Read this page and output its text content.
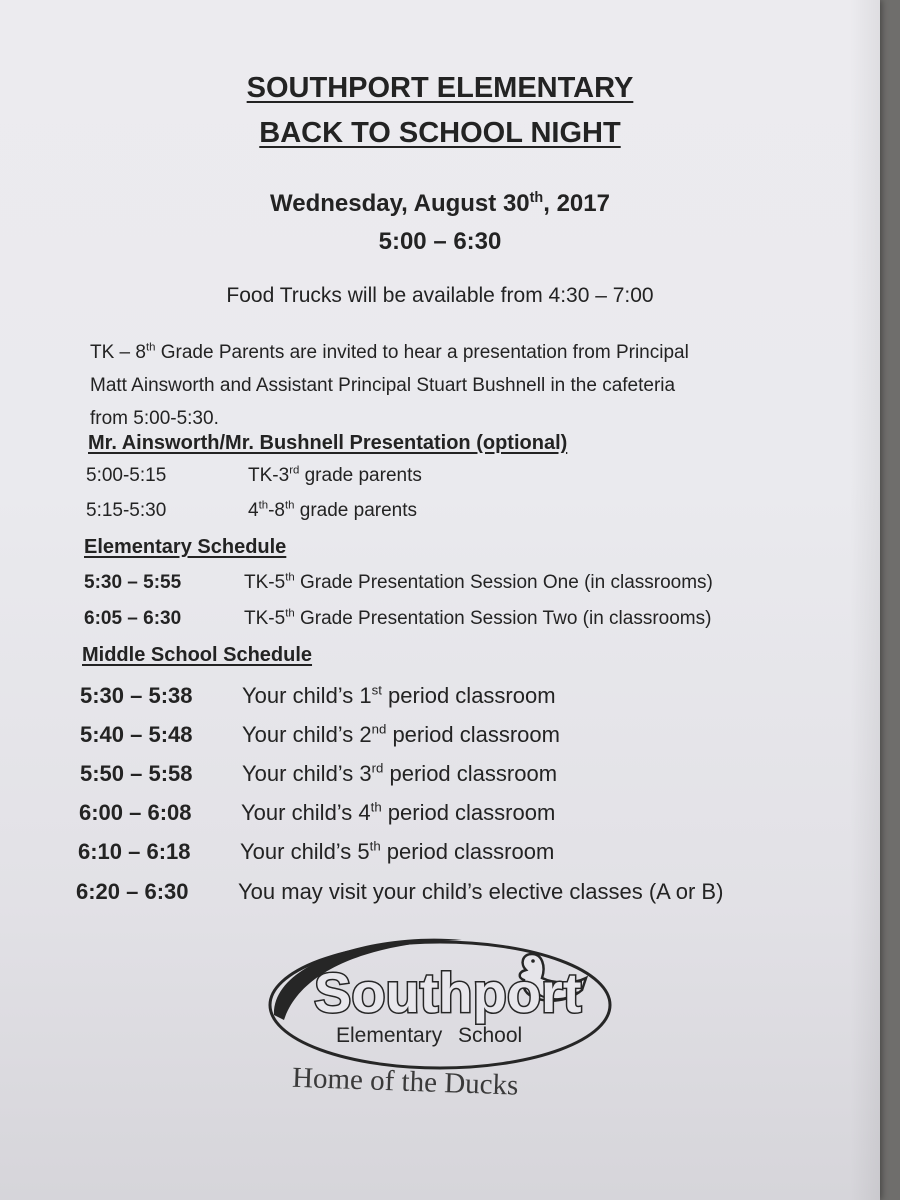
SOUTHPORT ELEMENTARY
BACK TO SCHOOL NIGHT
Wednesday, August 30th, 2017
5:00 – 6:30
Food Trucks will be available from 4:30 – 7:00
TK – 8th Grade Parents are invited to hear a presentation from Principal
Matt Ainsworth and Assistant Principal Stuart Bushnell in the cafeteria
from 5:00-5:30.
Mr. Ainsworth/Mr. Bushnell Presentation (optional)
5:00-5:15	TK-3rd grade parents
5:15-5:30	4th-8th grade parents
Elementary Schedule
5:30 – 5:55	TK-5th Grade Presentation Session One (in classrooms)
6:05 – 6:30	TK-5th Grade Presentation Session Two (in classrooms)
Middle School Schedule
5:30 – 5:38 Your child’s 1st period classroom
5:40 – 5:48 Your child’s 2nd period classroom
5:50 – 5:58 Your child’s 3rd period classroom
6:00 – 6:08 Your child’s 4th period classroom
6:10 – 6:18 Your child’s 5th period classroom
6:20 – 6:30 You may visit your child’s elective classes (A or B)
Southport
Elementary School
Home of the Ducks
